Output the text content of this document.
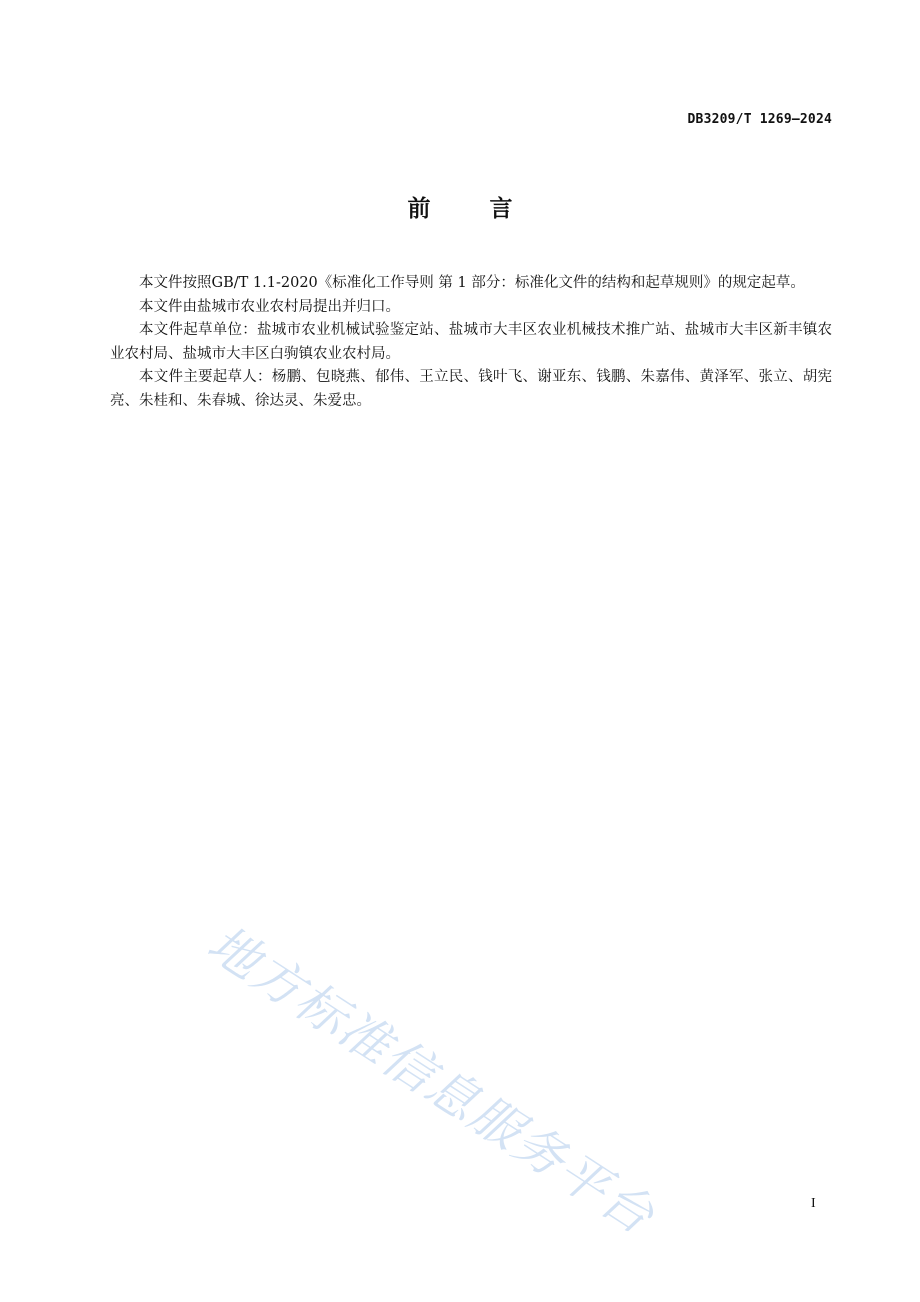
DB3209/T 1269—2024
前　言

本文件按照GB/T 1.1-2020《标准化工作导则 第 1 部分：标准化文件的结构和起草规则》的规定起草。

本文件由盐城市农业农村局提出并归口。

本文件起草单位：盐城市农业机械试验鉴定站、盐城市大丰区农业机械技术推广站、盐城市大丰区新丰镇农业农村局、盐城市大丰区白驹镇农业农村局。

本文件主要起草人：杨鹏、包晓燕、郁伟、王立民、钱叶飞、谢亚东、钱鹏、朱嘉伟、黄泽军、张立、胡宪亮、朱桂和、朱春城、徐达灵、朱爱忠。

地方标准信息服务平台	I
